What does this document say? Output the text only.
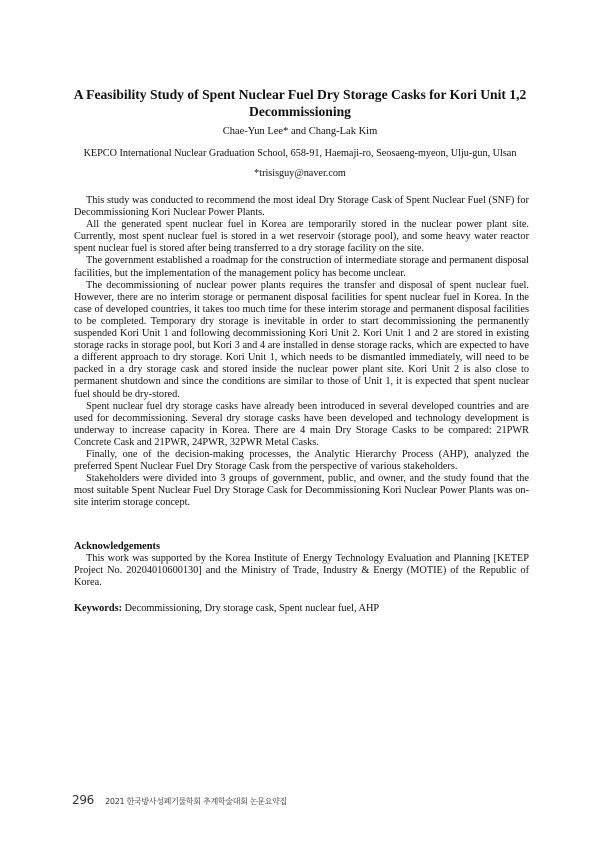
A Feasibility Study of Spent Nuclear Fuel Dry Storage Casks for Kori Unit 1,2 Decommissioning
Chae-Yun Lee* and Chang-Lak Kim
KEPCO International Nuclear Graduation School, 658-91, Haemaji-ro, Seosaeng-myeon, Ulju-gun, Ulsan
*trisisguy@naver.com

This study was conducted to recommend the most ideal Dry Storage Cask of Spent Nuclear Fuel (SNF) for Decommissioning Kori Nuclear Power Plants.

All the generated spent nuclear fuel in Korea are temporarily stored in the nuclear power plant site. Currently, most spent nuclear fuel is stored in a wet reservoir (storage pool), and some heavy water reactor spent nuclear fuel is stored after being transferred to a dry storage facility on the site.

The government established a roadmap for the construction of intermediate storage and permanent disposal facilities, but the implementation of the management policy has become unclear.

The decommissioning of nuclear power plants requires the transfer and disposal of spent nuclear fuel. However, there are no interim storage or permanent disposal facilities for spent nuclear fuel in Korea. In the case of developed countries, it takes too much time for these interim storage and permanent disposal facilities to be completed. Temporary dry storage is inevitable in order to start decommissioning the permanently suspended Kori Unit 1 and following decommissioning Kori Unit 2. Kori Unit 1 and 2 are stored in existing storage racks in storage pool, but Kori 3 and 4 are installed in dense storage racks, which are expected to have a different approach to dry storage. Kori Unit 1, which needs to be dismantled immediately, will need to be packed in a dry storage cask and stored inside the nuclear power plant site. Kori Unit 2 is also close to permanent shutdown and since the conditions are similar to those of Unit 1, it is expected that spent nuclear fuel should be dry-stored.

Spent nuclear fuel dry storage casks have already been introduced in several developed countries and are used for decommissioning. Several dry storage casks have been developed and technology development is underway to increase capacity in Korea. There are 4 main Dry Storage Casks to be compared: 21PWR Concrete Cask and 21PWR, 24PWR, 32PWR Metal Casks.

Finally, one of the decision-making processes, the Analytic Hierarchy Process (AHP), analyzed the preferred Spent Nuclear Fuel Dry Storage Cask from the perspective of various stakeholders.

Stakeholders were divided into 3 groups of government, public, and owner, and the study found that the most suitable Spent Nuclear Fuel Dry Storage Cask for Decommissioning Kori Nuclear Power Plants was on-site interim storage concept.

Acknowledgements

This work was supported by the Korea Institute of Energy Technology Evaluation and Planning [KETEP Project No. 20204010600130] and the Ministry of Trade, Industry & Energy (MOTIE) of the Republic of Korea.

Keywords: Decommissioning, Dry storage cask, Spent nuclear fuel, AHP
296 2021 한국방사성폐기물학회 추계학술대회 논문요약집
